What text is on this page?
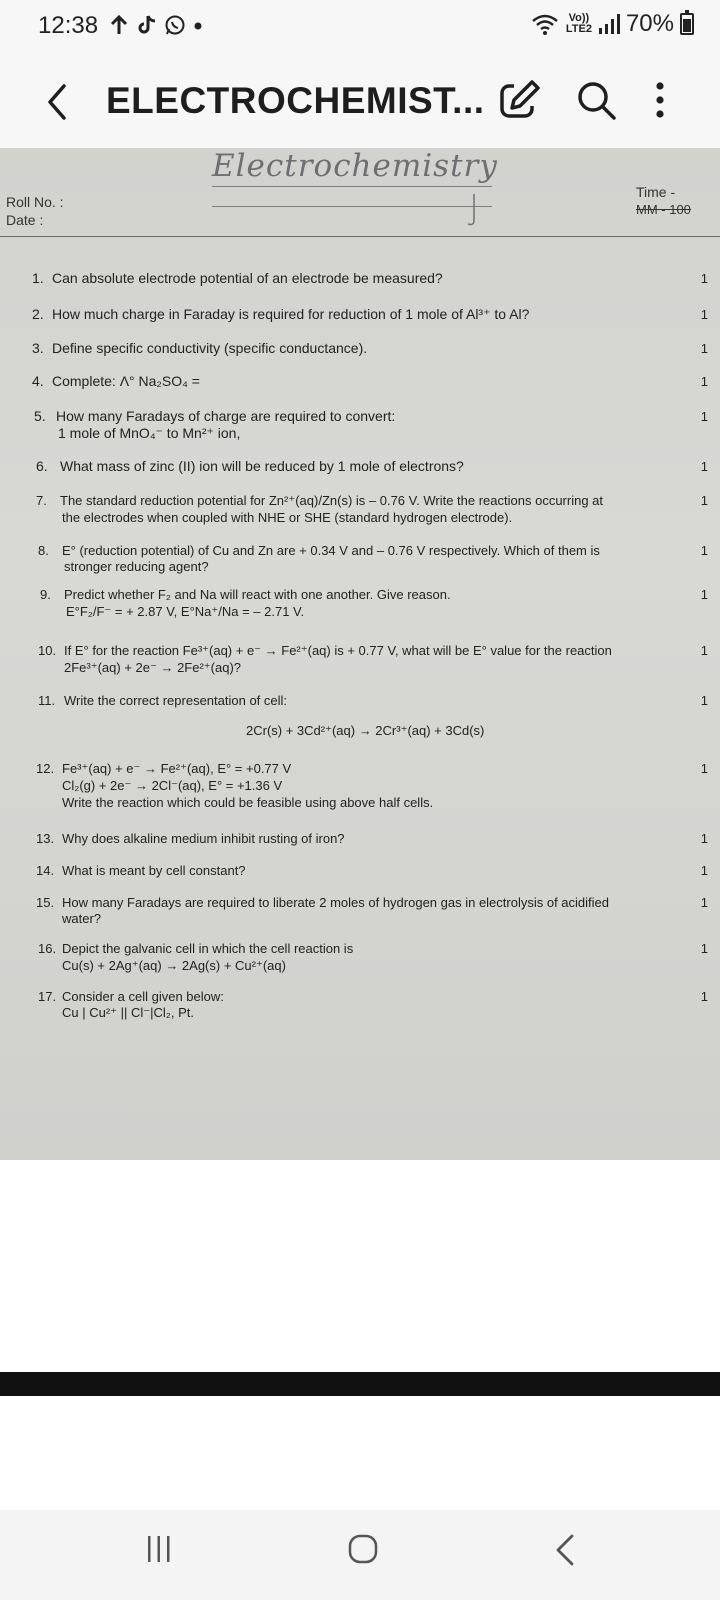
12:38	Vo))
LTE2 70%
ELECTROCHEMIST...
Electrochemistry
Roll No. :
Date :
Time -
MM - 100
1. Can absolute electrode potential of an electrode be measured?	1
2. How much charge in Faraday is required for reduction of 1 mole of Al³⁺ to Al?	1
3. Define specific conductivity (specific conductance).	1
4. Complete: Λ° Na₂SO₄ =	1
5. How many Faradays of charge are required to convert:
1 mole of MnO₄⁻ to Mn²⁺ ion,
1
6. What mass of zinc (II) ion will be reduced by 1 mole of electrons?	1
7. The standard reduction potential for Zn²⁺(aq)/Zn(s) is – 0.76 V. Write the reactions occurring at
the electrodes when coupled with NHE or SHE (standard hydrogen electrode).
1
8. E° (reduction potential) of Cu and Zn are + 0.34 V and – 0.76 V respectively. Which of them is
stronger reducing agent?
1
9. Predict whether F₂ and Na will react with one another. Give reason.
E°F₂/F⁻ = + 2.87 V, E°Na⁺/Na = – 2.71 V.
1
10. If E° for the reaction Fe³⁺(aq) + e⁻ → Fe²⁺(aq) is + 0.77 V, what will be E° value for the reaction
2Fe³⁺(aq) + 2e⁻ → 2Fe²⁺(aq)?
1
11. Write the correct representation of cell:
2Cr(s) + 3Cd²⁺(aq) → 2Cr³⁺(aq) + 3Cd(s)
1
12. Fe³⁺(aq) + e⁻ → Fe²⁺(aq), E° = +0.77 V
Cl₂(g) + 2e⁻ → 2Cl⁻(aq), E° = +1.36 V
Write the reaction which could be feasible using above half cells.
1
13. Why does alkaline medium inhibit rusting of iron?	1
14. What is meant by cell constant?	1
15. How many Faradays are required to liberate 2 moles of hydrogen gas in electrolysis of acidified
water?
1
16. Depict the galvanic cell in which the cell reaction is
Cu(s) + 2Ag⁺(aq) → 2Ag(s) + Cu²⁺(aq)
1
17. Consider a cell given below:
Cu | Cu²⁺ || Cl⁻|Cl₂, Pt.
1
